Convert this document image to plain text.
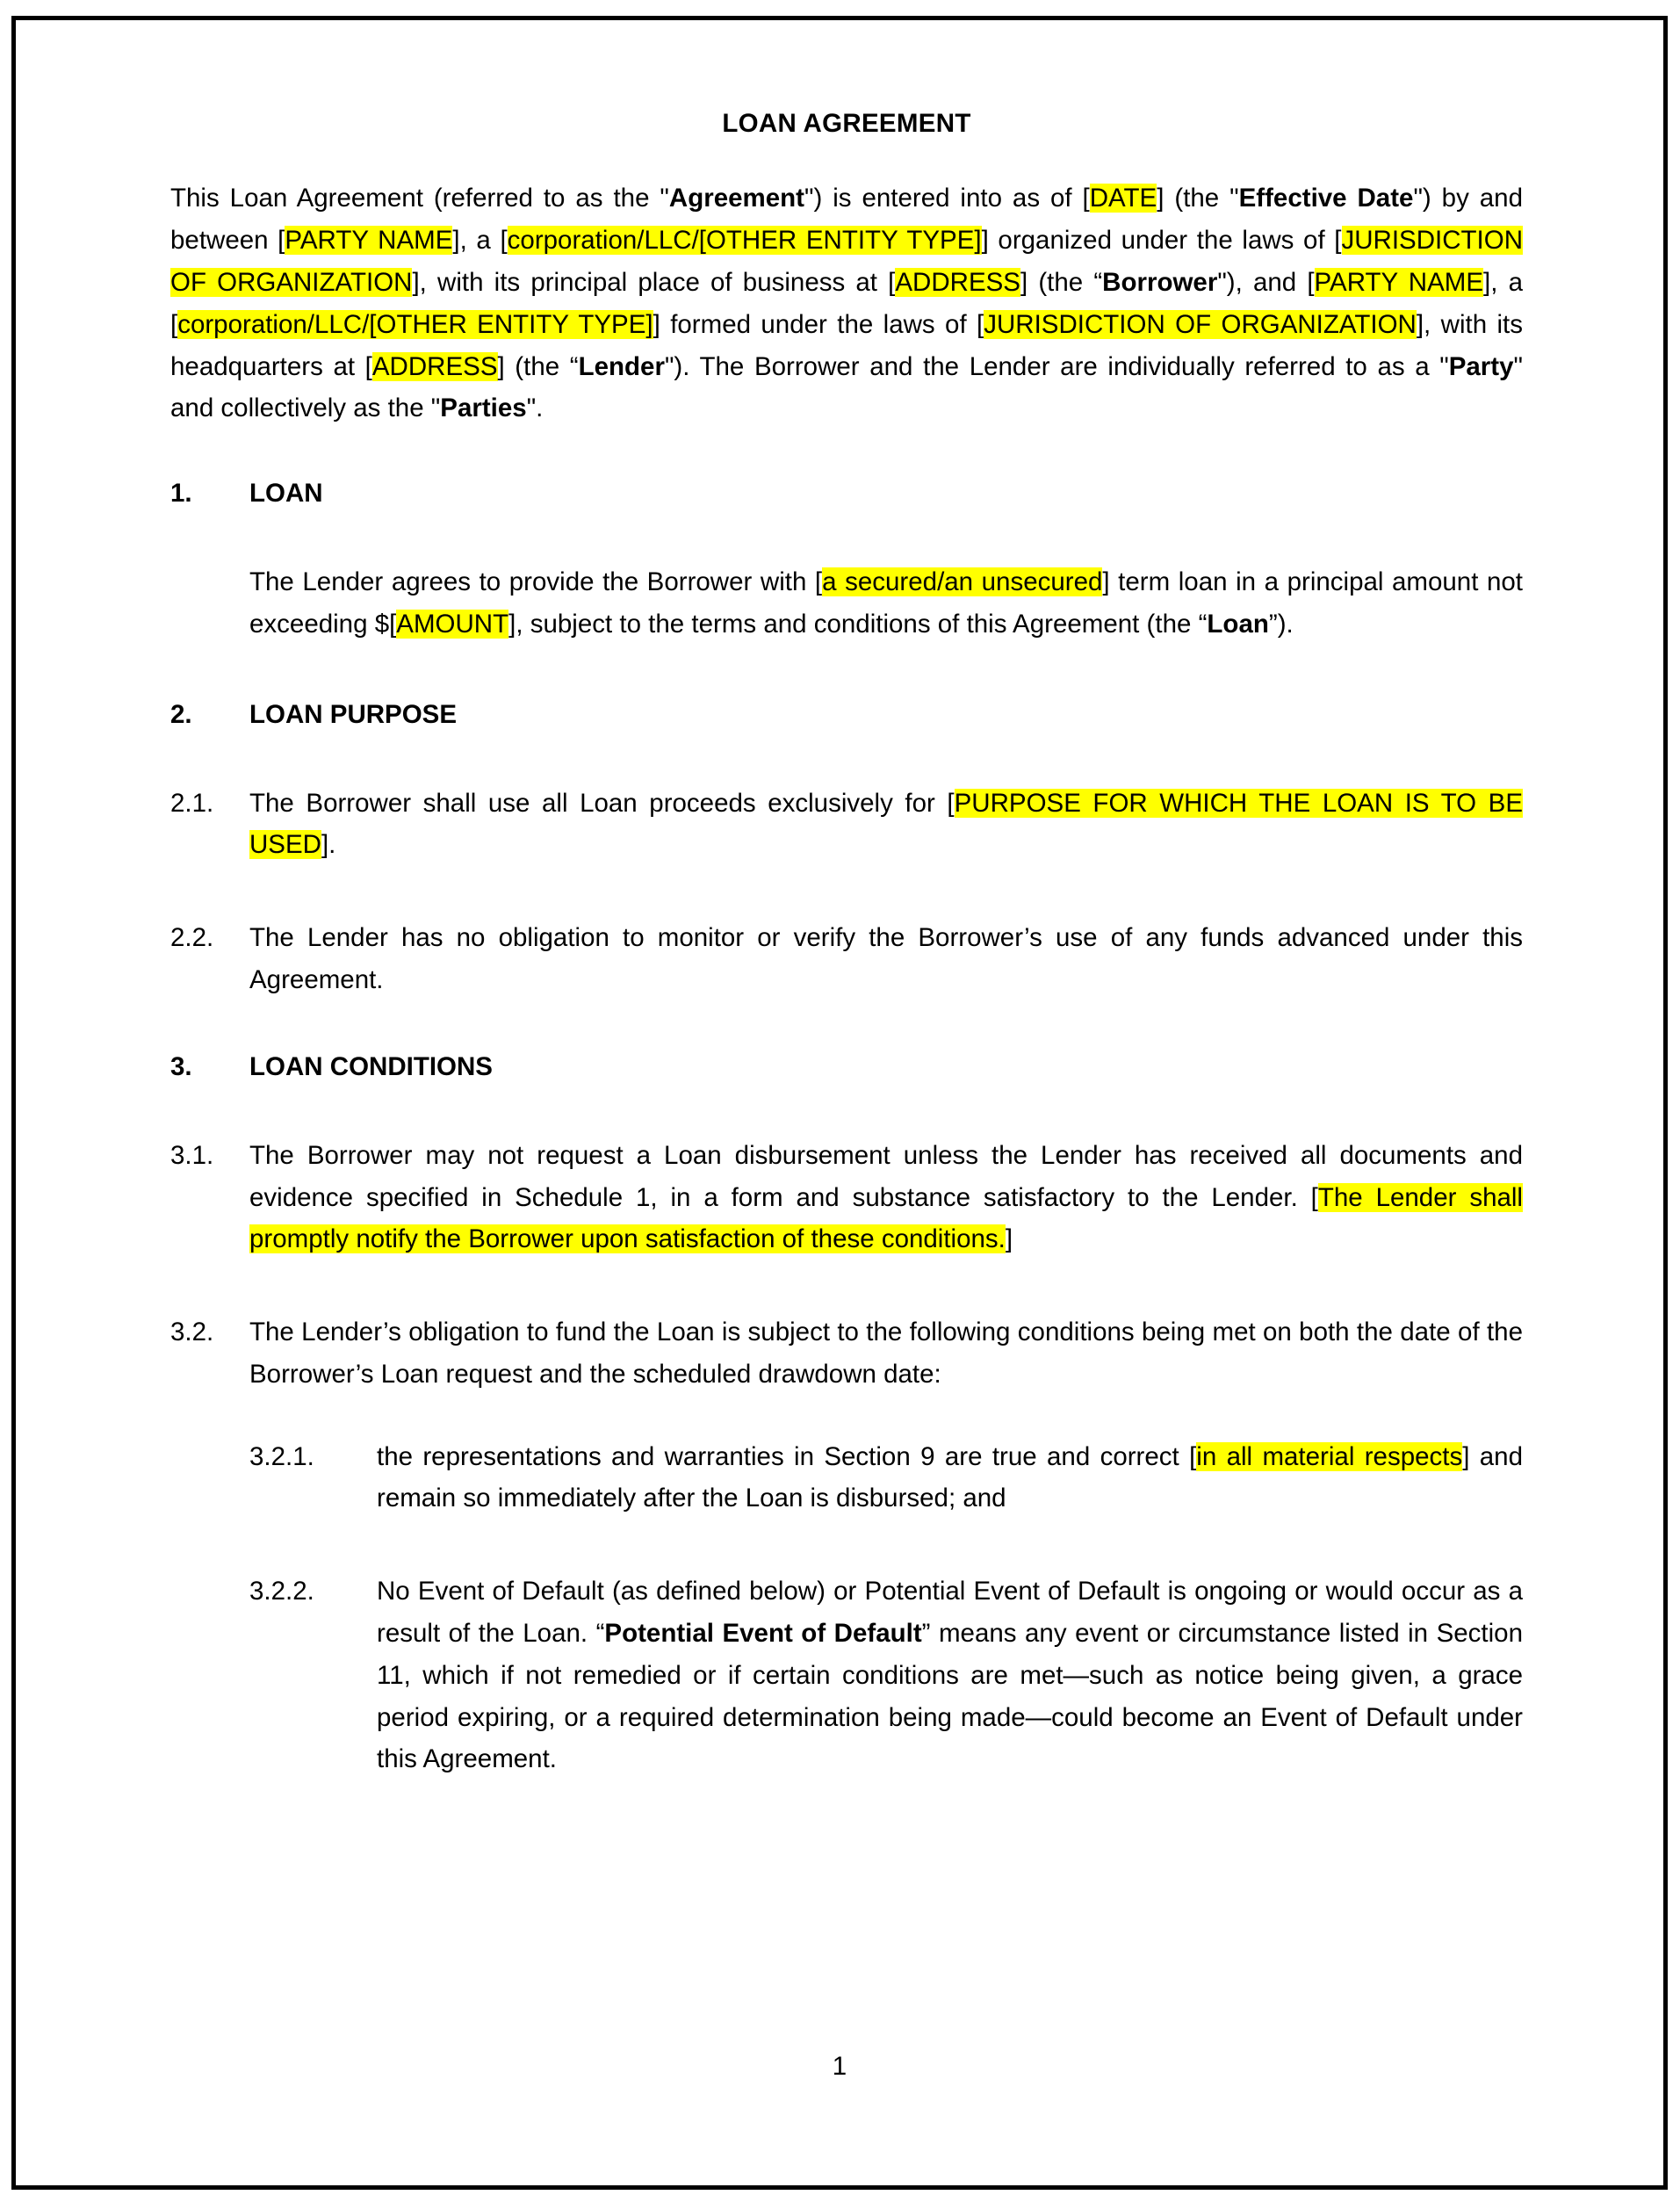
LOAN AGREEMENT

This Loan Agreement (referred to as the "Agreement") is entered into as of [DATE] (the "Effective Date") by and between [PARTY NAME], a [corporation/LLC/[OTHER ENTITY TYPE]] organized under the laws of [JURISDICTION OF ORGANIZATION], with its principal place of business at [ADDRESS] (the “Borrower"), and [PARTY NAME], a [corporation/LLC/[OTHER ENTITY TYPE]] formed under the laws of [JURISDICTION OF ORGANIZATION], with its headquarters at [ADDRESS] (the “Lender"). The Borrower and the Lender are individually referred to as a "Party" and collectively as the "Parties".

1.	LOAN

The Lender agrees to provide the Borrower with [a secured/an unsecured] term loan in a principal amount not exceeding $[AMOUNT], subject to the terms and conditions of this Agreement (the “Loan”).

2.	LOAN PURPOSE
2.1.	The Borrower shall use all Loan proceeds exclusively for [PURPOSE FOR WHICH THE LOAN IS TO BE USED].
2.2.	The Lender has no obligation to monitor or verify the Borrower’s use of any funds advanced under this Agreement.
3.	LOAN CONDITIONS
3.1.	The Borrower may not request a Loan disbursement unless the Lender has received all documents and evidence specified in Schedule 1, in a form and substance satisfactory to the Lender. [The Lender shall promptly notify the Borrower upon satisfaction of these conditions.]
3.2.	The Lender’s obligation to fund the Loan is subject to the following conditions being met on both the date of the Borrower’s Loan request and the scheduled drawdown date:
3.2.1.	the representations and warranties in Section 9 are true and correct [in all material respects] and remain so immediately after the Loan is disbursed; and
3.2.2.	No Event of Default (as defined below) or Potential Event of Default is ongoing or would occur as a result of the Loan. “Potential Event of Default” means any event or circumstance listed in Section 11, which if not remedied or if certain conditions are met—such as notice being given, a grace period expiring, or a required determination being made—could become an Event of Default under this Agreement.
1
